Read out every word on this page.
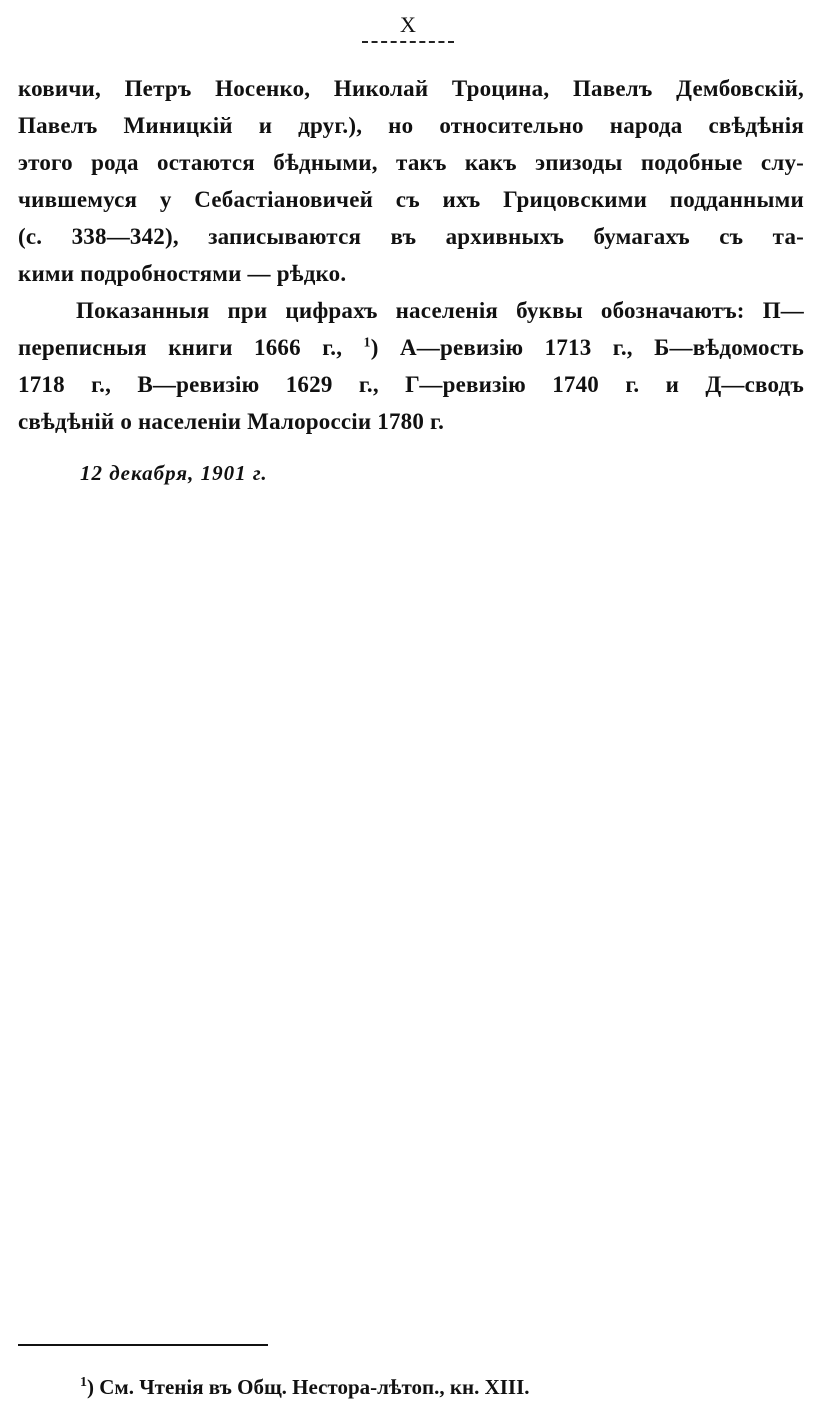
X
ковичи, Петръ Носенко, Николай Троцина, Павелъ Дембовскій,
Павелъ Миницкій и друг.), но относительно народа свѣдѣнія
этого рода остаются бѣдными, такъ какъ эпизоды подобные слу-
чившемуся у Себастіановичей съ ихъ Грицовскими подданными
(с. 338—342), записываются въ архивныхъ бумагахъ съ та-
кими подробностями — рѣдко.
Показанныя при цифрахъ населенія буквы обозначаютъ: П—
переписныя книги 1666 г., $^1$) А—ревизію 1713 г., Б—вѣдомость
1718 г., В—ревизію 1629 г., Г—ревизію 1740 г. и Д—сводъ
свѣдѣній о населеніи Малороссіи 1780 г.
12 декабря, 1901 г.
$^1$) См. Чтенія въ Общ. Нестора-лѣтоп., кн. XIII.
